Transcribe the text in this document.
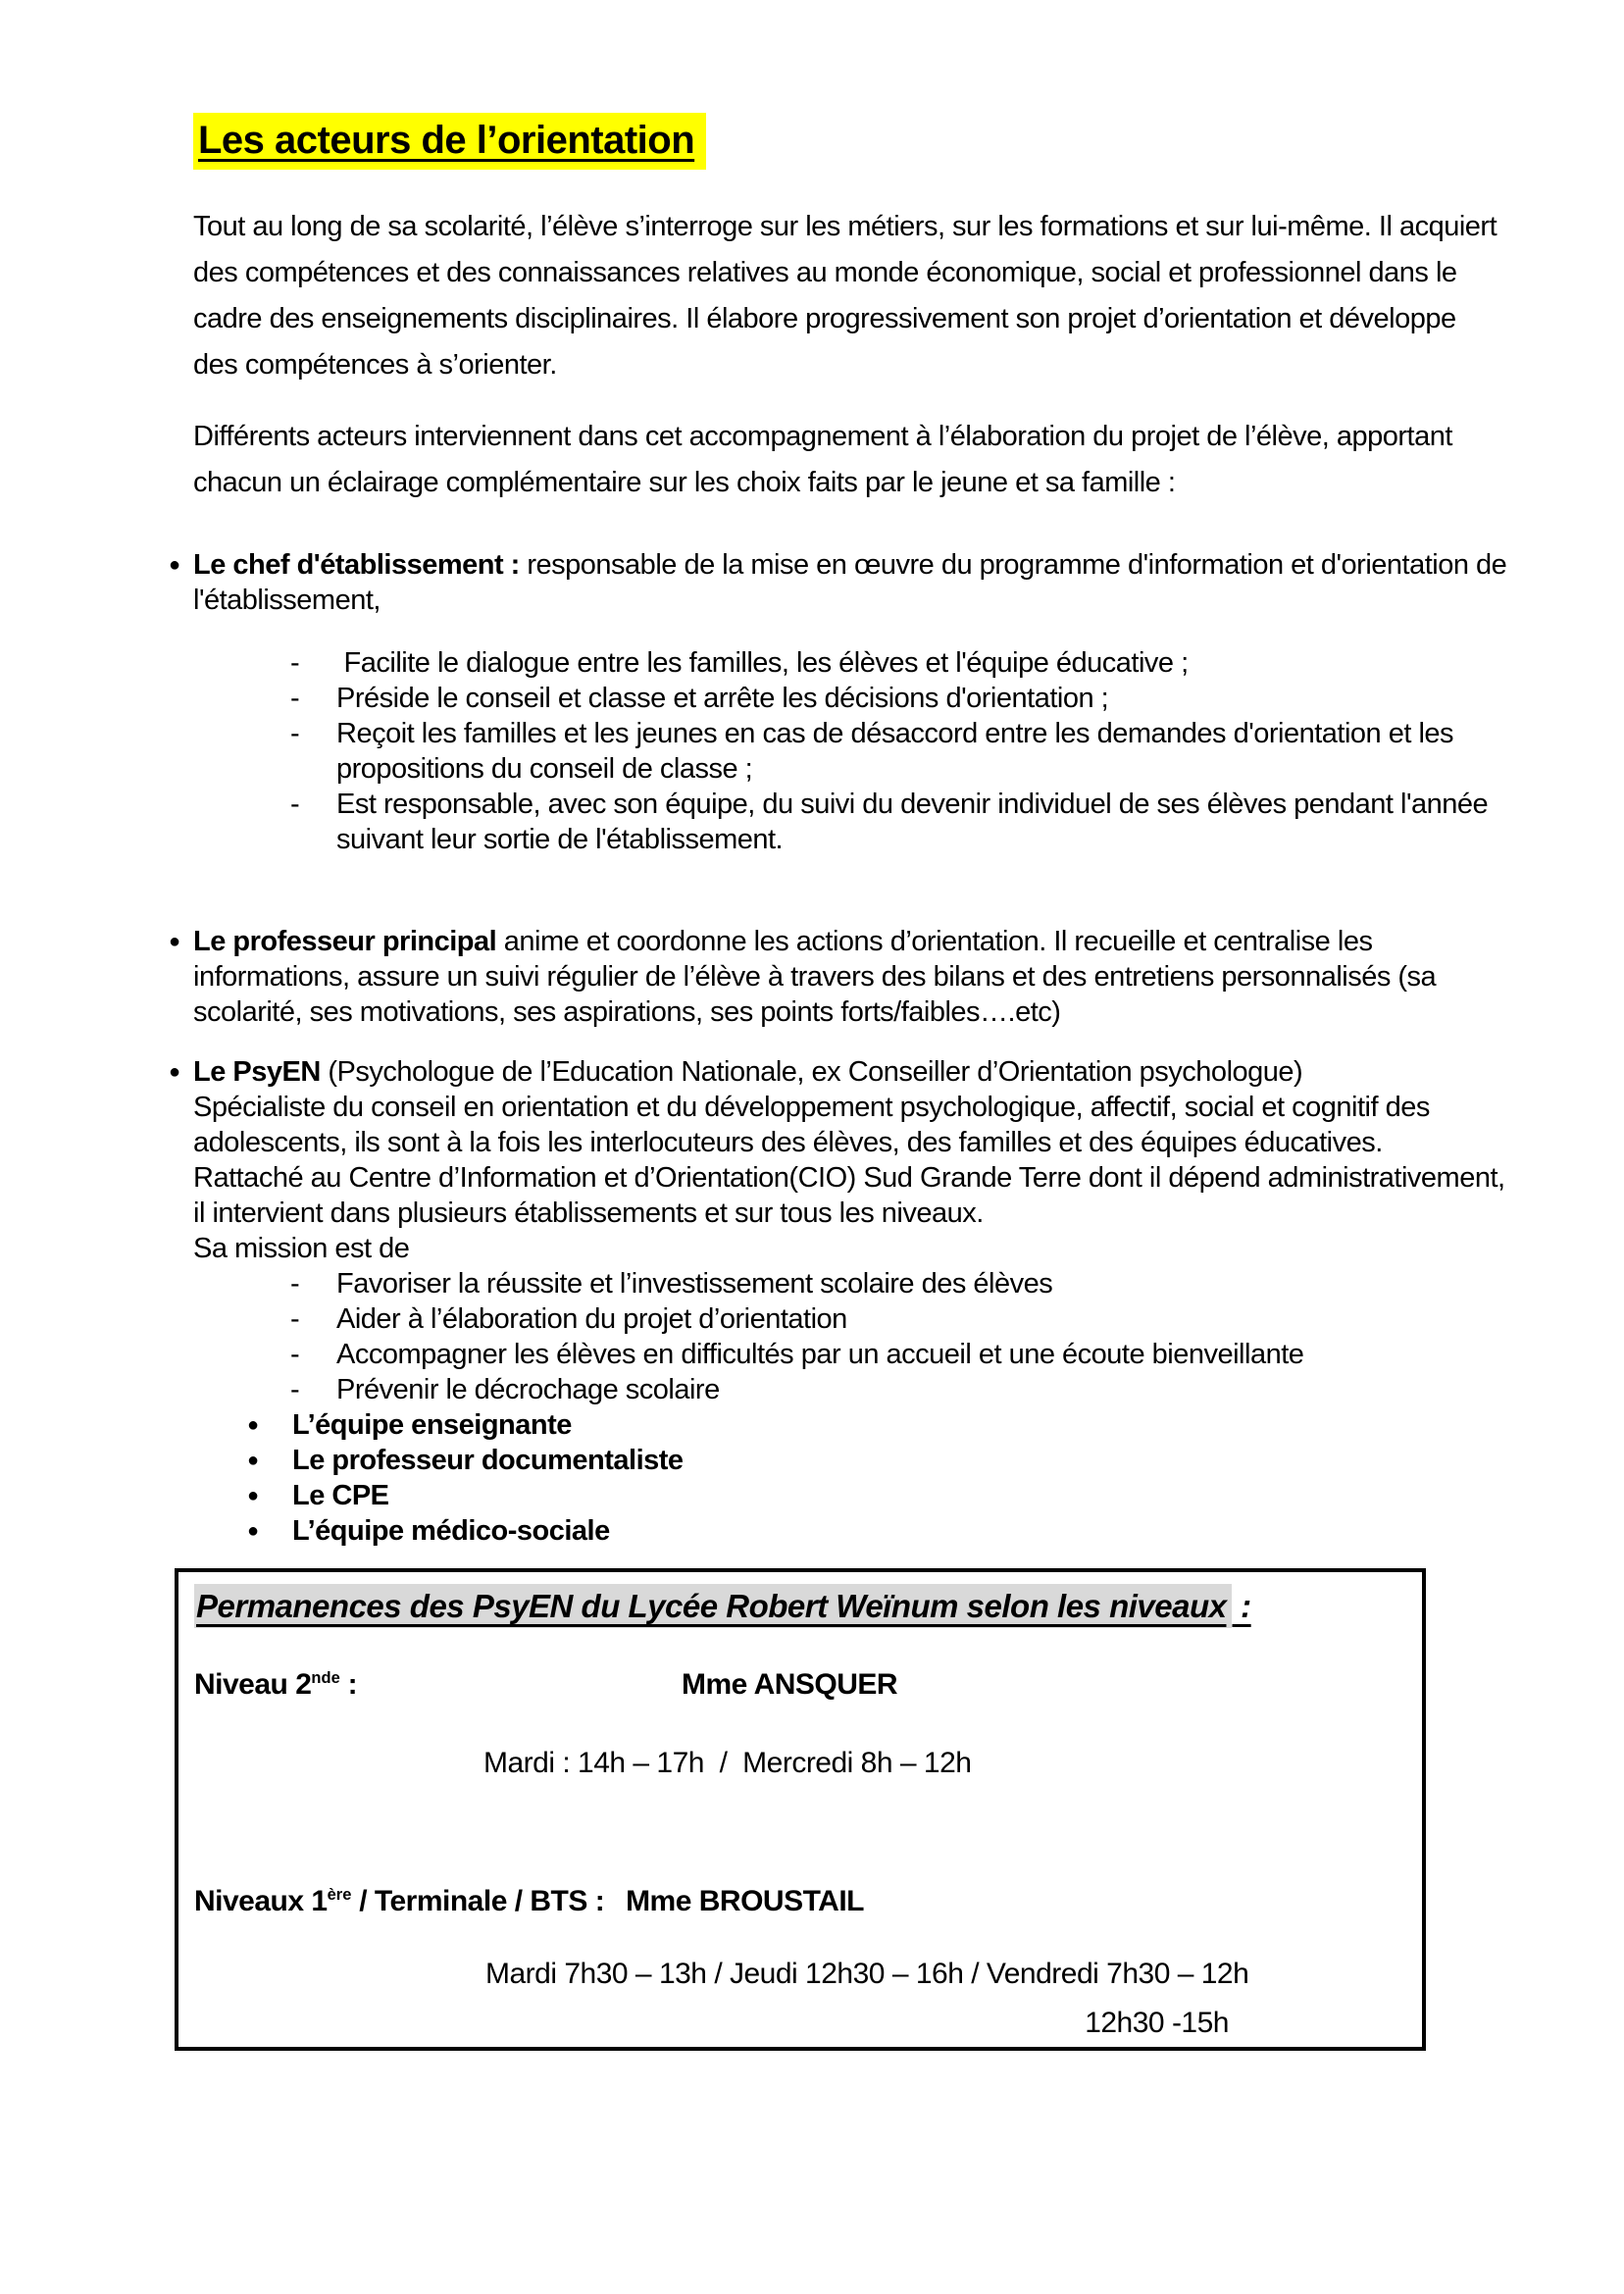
Les acteurs de l’orientation

Tout au long de sa scolarité, l’élève s’interroge sur les métiers, sur les formations et sur lui-même. Il acquiert des compétences et des connaissances relatives au monde économique, social et professionnel dans le cadre des enseignements disciplinaires. Il élabore progressivement son projet d’orientation et développe des compétences à s’orienter.

Différents acteurs interviennent dans cet accompagnement à l’élaboration du projet de l’élève, apportant chacun un éclairage complémentaire sur les choix faits par le jeune et sa famille :

● Le chef d'établissement : responsable de la mise en œuvre du programme d'information et d'orientation de l'établissement,
- Facilite le dialogue entre les familles, les élèves et l'équipe éducative ;
- Préside le conseil et classe et arrête les décisions d'orientation ;
- Reçoit les familles et les jeunes en cas de désaccord entre les demandes d'orientation et les propositions du conseil de classe ;
- Est responsable, avec son équipe, du suivi du devenir individuel de ses élèves pendant l'année suivant leur sortie de l'établissement.
● Le professeur principal anime et coordonne les actions d’orientation. Il recueille et centralise les informations, assure un suivi régulier de l’élève à travers des bilans et des entretiens personnalisés (sa scolarité, ses motivations, ses aspirations, ses points forts/faibles….etc)
● Le PsyEN (Psychologue de l’Education Nationale, ex Conseiller d’Orientation psychologue)
Spécialiste du conseil en orientation et du développement psychologique, affectif, social et cognitif des adolescents, ils sont à la fois les interlocuteurs des élèves, des familles et des équipes éducatives.
Rattaché au Centre d’Information et d’Orientation(CIO) Sud Grande Terre dont il dépend administrativement, il intervient dans plusieurs établissements et sur tous les niveaux.
Sa mission est de
- Favoriser la réussite et l’investissement scolaire des élèves
- Aider à l’élaboration du projet d’orientation
- Accompagner les élèves en difficultés par un accueil et une écoute bienveillante
- Prévenir le décrochage scolaire
● L’équipe enseignante
● Le professeur documentaliste
● Le CPE
● L’équipe médico-sociale
Permanences des PsyEN du Lycée Robert Weïnum selon les niveaux :
Niveau 2nde :	Mme ANSQUER
Mardi : 14h – 17h  /  Mercredi 8h – 12h
Niveaux 1ère / Terminale / BTS : Mme BROUSTAIL
Mardi 7h30 – 13h / Jeudi 12h30 – 16h / Vendredi 7h30 – 12h
12h30 -15h
